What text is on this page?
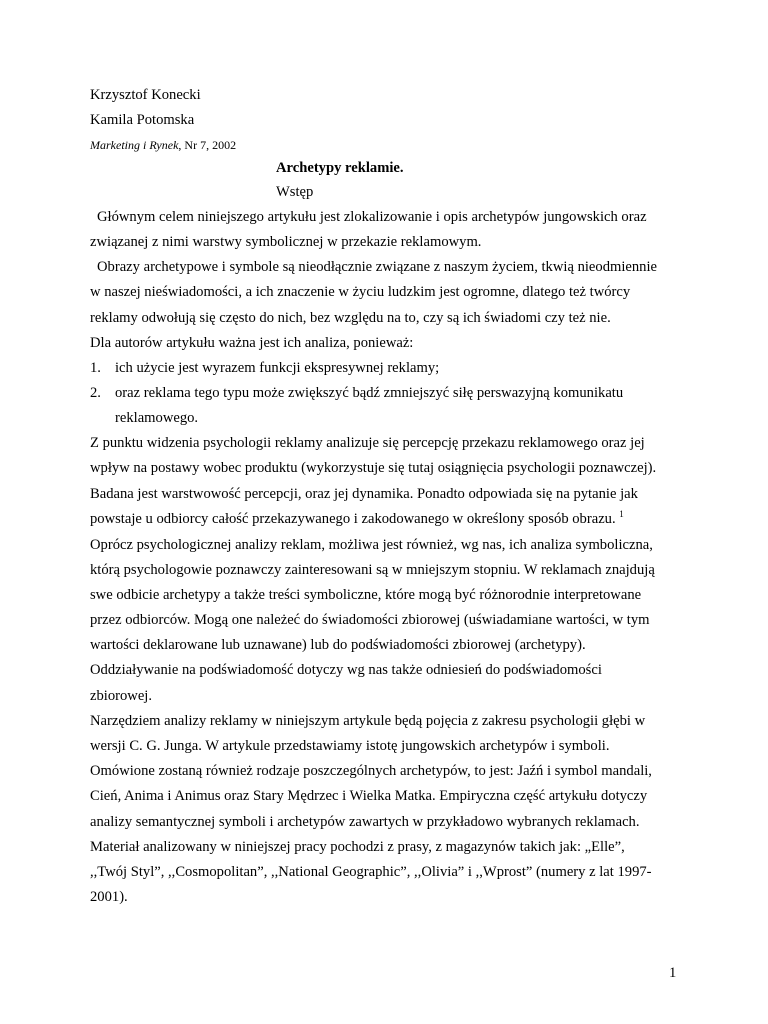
Krzysztof Konecki
Kamila Potomska
Marketing i Rynek, Nr 7, 2002
Archetypy reklamie.
Wstęp
Głównym celem niniejszego artykułu jest zlokalizowanie i opis archetypów jungowskich oraz
związanej z nimi warstwy symbolicznej w przekazie reklamowym.
Obrazy archetypowe i symbole są nieodłącznie związane z naszym życiem, tkwią nieodmiennie
w naszej nieświadomości, a ich znaczenie w życiu ludzkim jest ogromne, dlatego też twórcy
reklamy odwołują się często do nich, bez względu na to, czy są ich świadomi czy też nie.
Dla autorów artykułu ważna jest ich analiza, ponieważ:
1. ich użycie jest wyrazem funkcji ekspresywnej reklamy;
2. oraz reklama tego typu może zwiększyć bądź zmniejszyć siłę perswazyjną komunikatu
reklamowego.
Z punktu widzenia psychologii reklamy analizuje się percepcję przekazu reklamowego oraz jej
wpływ na postawy wobec produktu (wykorzystuje się tutaj osiągnięcia psychologii poznawczej).
Badana jest warstwowość percepcji, oraz jej dynamika. Ponadto odpowiada się na pytanie jak
powstaje u odbiorcy całość przekazywanego i zakodowanego w określony sposób obrazu. $^1$
Oprócz psychologicznej analizy reklam, możliwa jest również, wg nas, ich analiza symboliczna,
którą psychologowie poznawczy zainteresowani są w mniejszym stopniu. W reklamach znajdują
swe odbicie archetypy a także treści symboliczne, które mogą być różnorodnie interpretowane
przez odbiorców. Mogą one należeć do świadomości zbiorowej (uświadamiane wartości, w tym
wartości deklarowane lub uznawane) lub do podświadomości zbiorowej (archetypy).
Oddziaływanie na podświadomość dotyczy wg nas także odniesień do podświadomości
zbiorowej.
Narzędziem analizy reklamy w niniejszym artykule będą pojęcia z zakresu psychologii głębi w
wersji C. G. Junga. W artykule przedstawiamy istotę jungowskich archetypów i symboli.
Omówione zostaną również rodzaje poszczególnych archetypów, to jest: Jaźń i symbol mandali,
Cień, Anima i Animus oraz Stary Mędrzec i Wielka Matka. Empiryczna część artykułu dotyczy
analizy semantycznej symboli i archetypów zawartych w przykładowo wybranych reklamach.
Materiał analizowany w niniejszej pracy pochodzi z prasy, z magazynów takich jak: „Elle”,
,,Twój Styl”, ,,Cosmopolitan”, ,,National Geographic”, ,,Olivia” i ,,Wprost” (numery z lat 1997-
2001).
1
